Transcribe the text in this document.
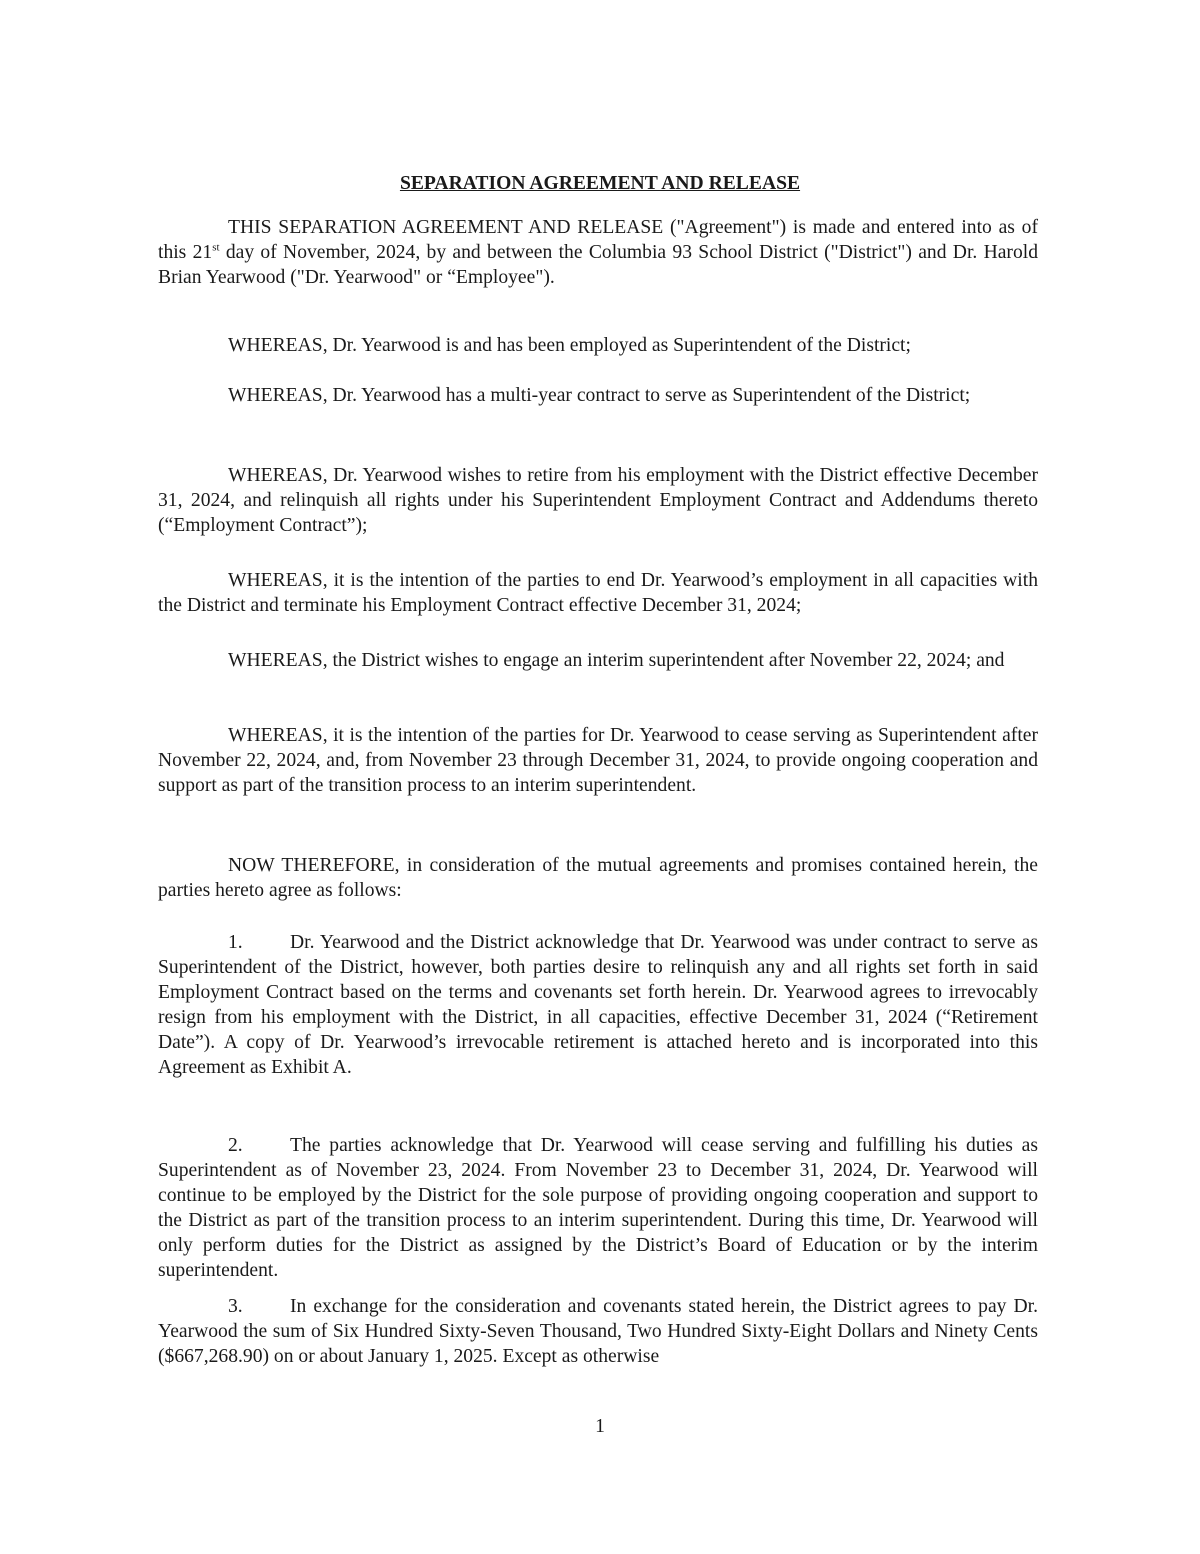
SEPARATION AGREEMENT AND RELEASE

THIS SEPARATION AGREEMENT AND RELEASE ("Agreement") is made and entered into as of this 21st day of November, 2024, by and between the Columbia 93 School District ("District") and Dr. Harold Brian Yearwood ("Dr. Yearwood" or “Employee").

WHEREAS, Dr. Yearwood is and has been employed as Superintendent of the District;

WHEREAS, Dr. Yearwood has a multi-year contract to serve as Superintendent of the District;

WHEREAS, Dr. Yearwood wishes to retire from his employment with the District effective December 31, 2024, and relinquish all rights under his Superintendent Employment Contract and Addendums thereto (“Employment Contract”);

WHEREAS, it is the intention of the parties to end Dr. Yearwood’s employment in all capacities with the District and terminate his Employment Contract effective December 31, 2024;

WHEREAS, the District wishes to engage an interim superintendent after November 22, 2024; and

WHEREAS, it is the intention of the parties for Dr. Yearwood to cease serving as Superintendent after November 22, 2024, and, from November 23 through December 31, 2024, to provide ongoing cooperation and support as part of the transition process to an interim superintendent.

NOW THEREFORE, in consideration of the mutual agreements and promises contained herein, the parties hereto agree as follows:

1. Dr. Yearwood and the District acknowledge that Dr. Yearwood was under contract to serve as Superintendent of the District, however, both parties desire to relinquish any and all rights set forth in said Employment Contract based on the terms and covenants set forth herein. Dr. Yearwood agrees to irrevocably resign from his employment with the District, in all capacities, effective December 31, 2024 (“Retirement Date”). A copy of Dr. Yearwood’s irrevocable retirement is attached hereto and is incorporated into this Agreement as Exhibit A.

2. The parties acknowledge that Dr. Yearwood will cease serving and fulfilling his duties as Superintendent as of November 23, 2024. From November 23 to December 31, 2024, Dr. Yearwood will continue to be employed by the District for the sole purpose of providing ongoing cooperation and support to the District as part of the transition process to an interim superintendent. During this time, Dr. Yearwood will only perform duties for the District as assigned by the District’s Board of Education or by the interim superintendent.

3. In exchange for the consideration and covenants stated herein, the District agrees to pay Dr. Yearwood the sum of Six Hundred Sixty-Seven Thousand, Two Hundred Sixty-Eight Dollars and Ninety Cents ($667,268.90) on or about January 1, 2025. Except as otherwise

1
